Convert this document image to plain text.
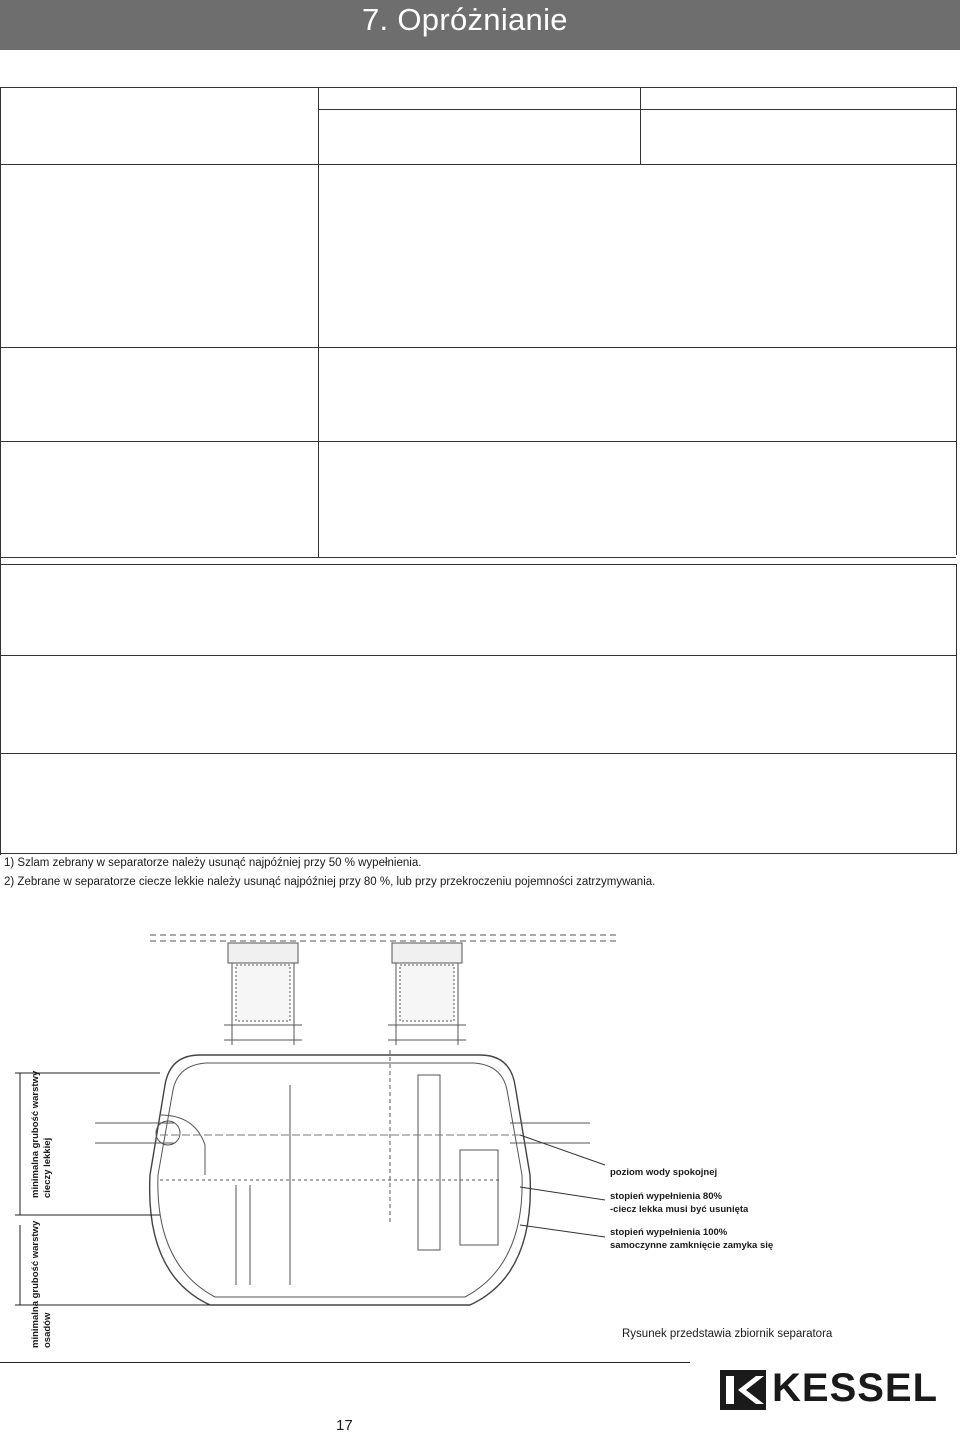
7. Opróżnianie
1) Szlam zebrany w separatorze należy usunąć najpóźniej przy 50 % wypełnienia.
2) Zebrane w separatorze ciecze lekkie należy usunąć najpóźniej przy 80 %, lub przy przekroczeniu pojemności zatrzymywania.
minimalna grubość warstwy cieczy lekkiej
minimalna grubość warstwy osadów
poziom wody spokojnej
stopień wypełnienia 80%
-ciecz lekka musi być usunięta
stopień wypełnienia 100%
samoczynne zamknięcie zamyka się
Rysunek przedstawia zbiornik separatora
KESSEL
17
